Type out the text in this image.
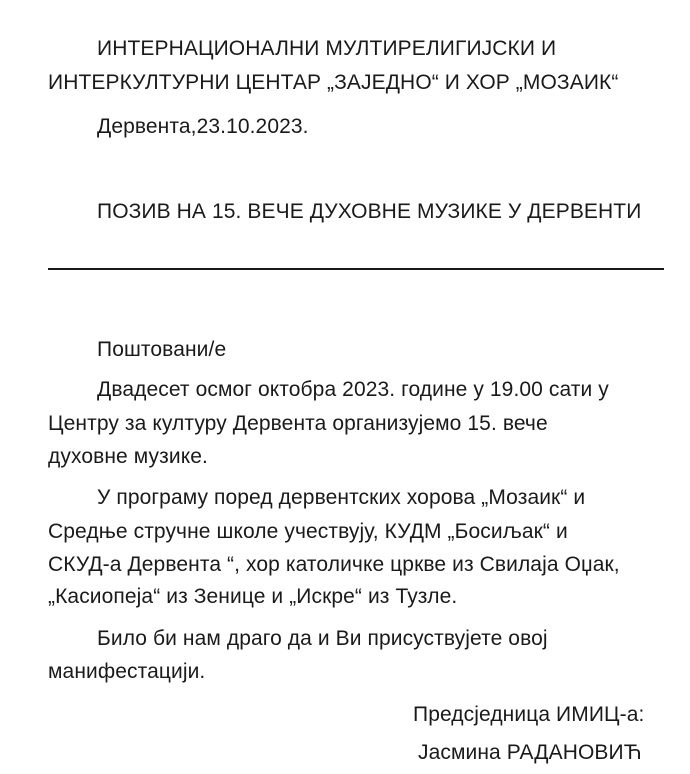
ИНТЕРНАЦИОНАЛНИ МУЛТИРЕЛИГИЈСКИ И
ИНТЕРКУЛТУРНИ ЦЕНТАР „ЗАЈЕДНО“ И ХОР „МОЗАИК“
Дервента,23.10.2023.
ПОЗИВ НА 15. ВЕЧЕ ДУХОВНЕ МУЗИКЕ У ДЕРВЕНТИ
Поштовани/е
Двадесет осмог октобра 2023. године у 19.00 сати у
Центру за културу Дервента организујемо 15. вече
духовне музике.
У програму поред дервентских хорова „Мозаик“ и
Средње стручне школе учествују, КУДМ „Босиљак“ и
СКУД-а Дервента “, хор католичке цркве из Свилаја Оџак,
„Касиопеја“ из Зенице и „Искре“ из Тузле.
Било би нам драго да и Ви присуствујете овој
манифестацији.
Предсједница ИМИЦ-а:
Јасмина РАДАНОВИЋ
